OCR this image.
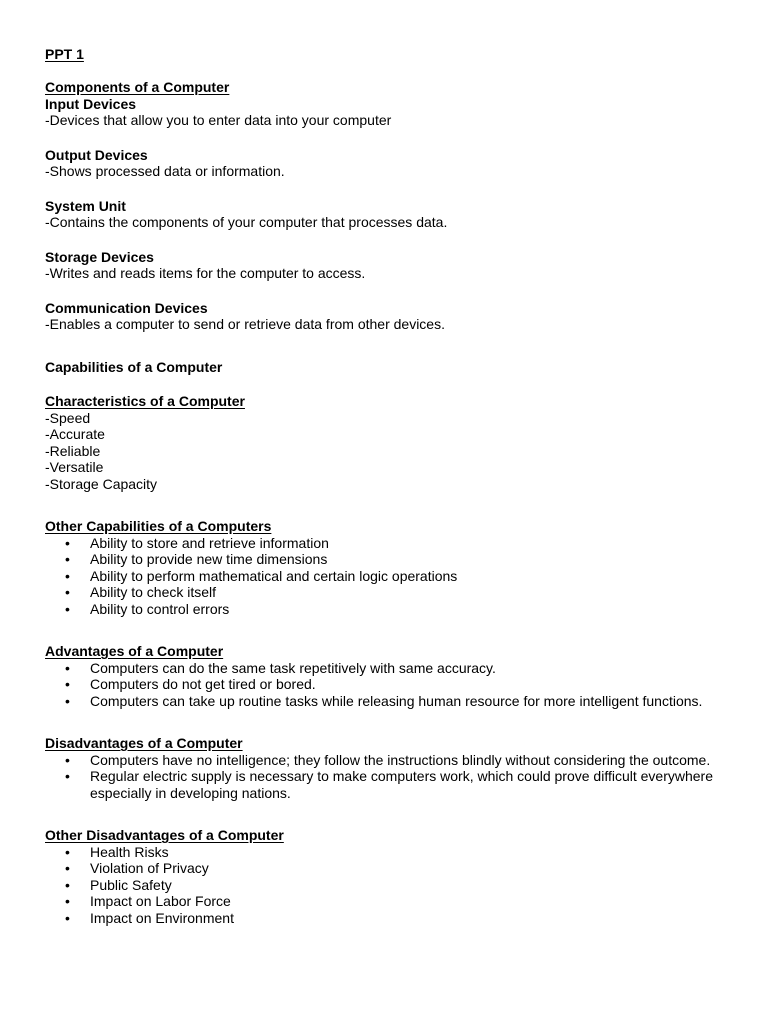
PPT 1
Components of a Computer
Input Devices
-Devices that allow you to enter data into your computer
Output Devices
-Shows processed data or information.
System Unit
-Contains the components of your computer that processes data.
Storage Devices
-Writes and reads items for the computer to access.
Communication Devices
-Enables a computer to send or retrieve data from other devices.
Capabilities of a Computer
Characteristics of a Computer
-Speed
-Accurate
-Reliable
-Versatile
-Storage Capacity
Other Capabilities of a Computers
• Ability to store and retrieve information
• Ability to provide new time dimensions
• Ability to perform mathematical and certain logic operations
• Ability to check itself
• Ability to control errors
Advantages of a Computer
• Computers can do the same task repetitively with same accuracy.
• Computers do not get tired or bored.
• Computers can take up routine tasks while releasing human resource for more intelligent functions.
Disadvantages of a Computer
• Computers have no intelligence; they follow the instructions blindly without considering the outcome.
• Regular electric supply is necessary to make computers work, which could prove difficult everywhere
especially in developing nations.
Other Disadvantages of a Computer
• Health Risks
• Violation of Privacy
• Public Safety
• Impact on Labor Force
• Impact on Environment
